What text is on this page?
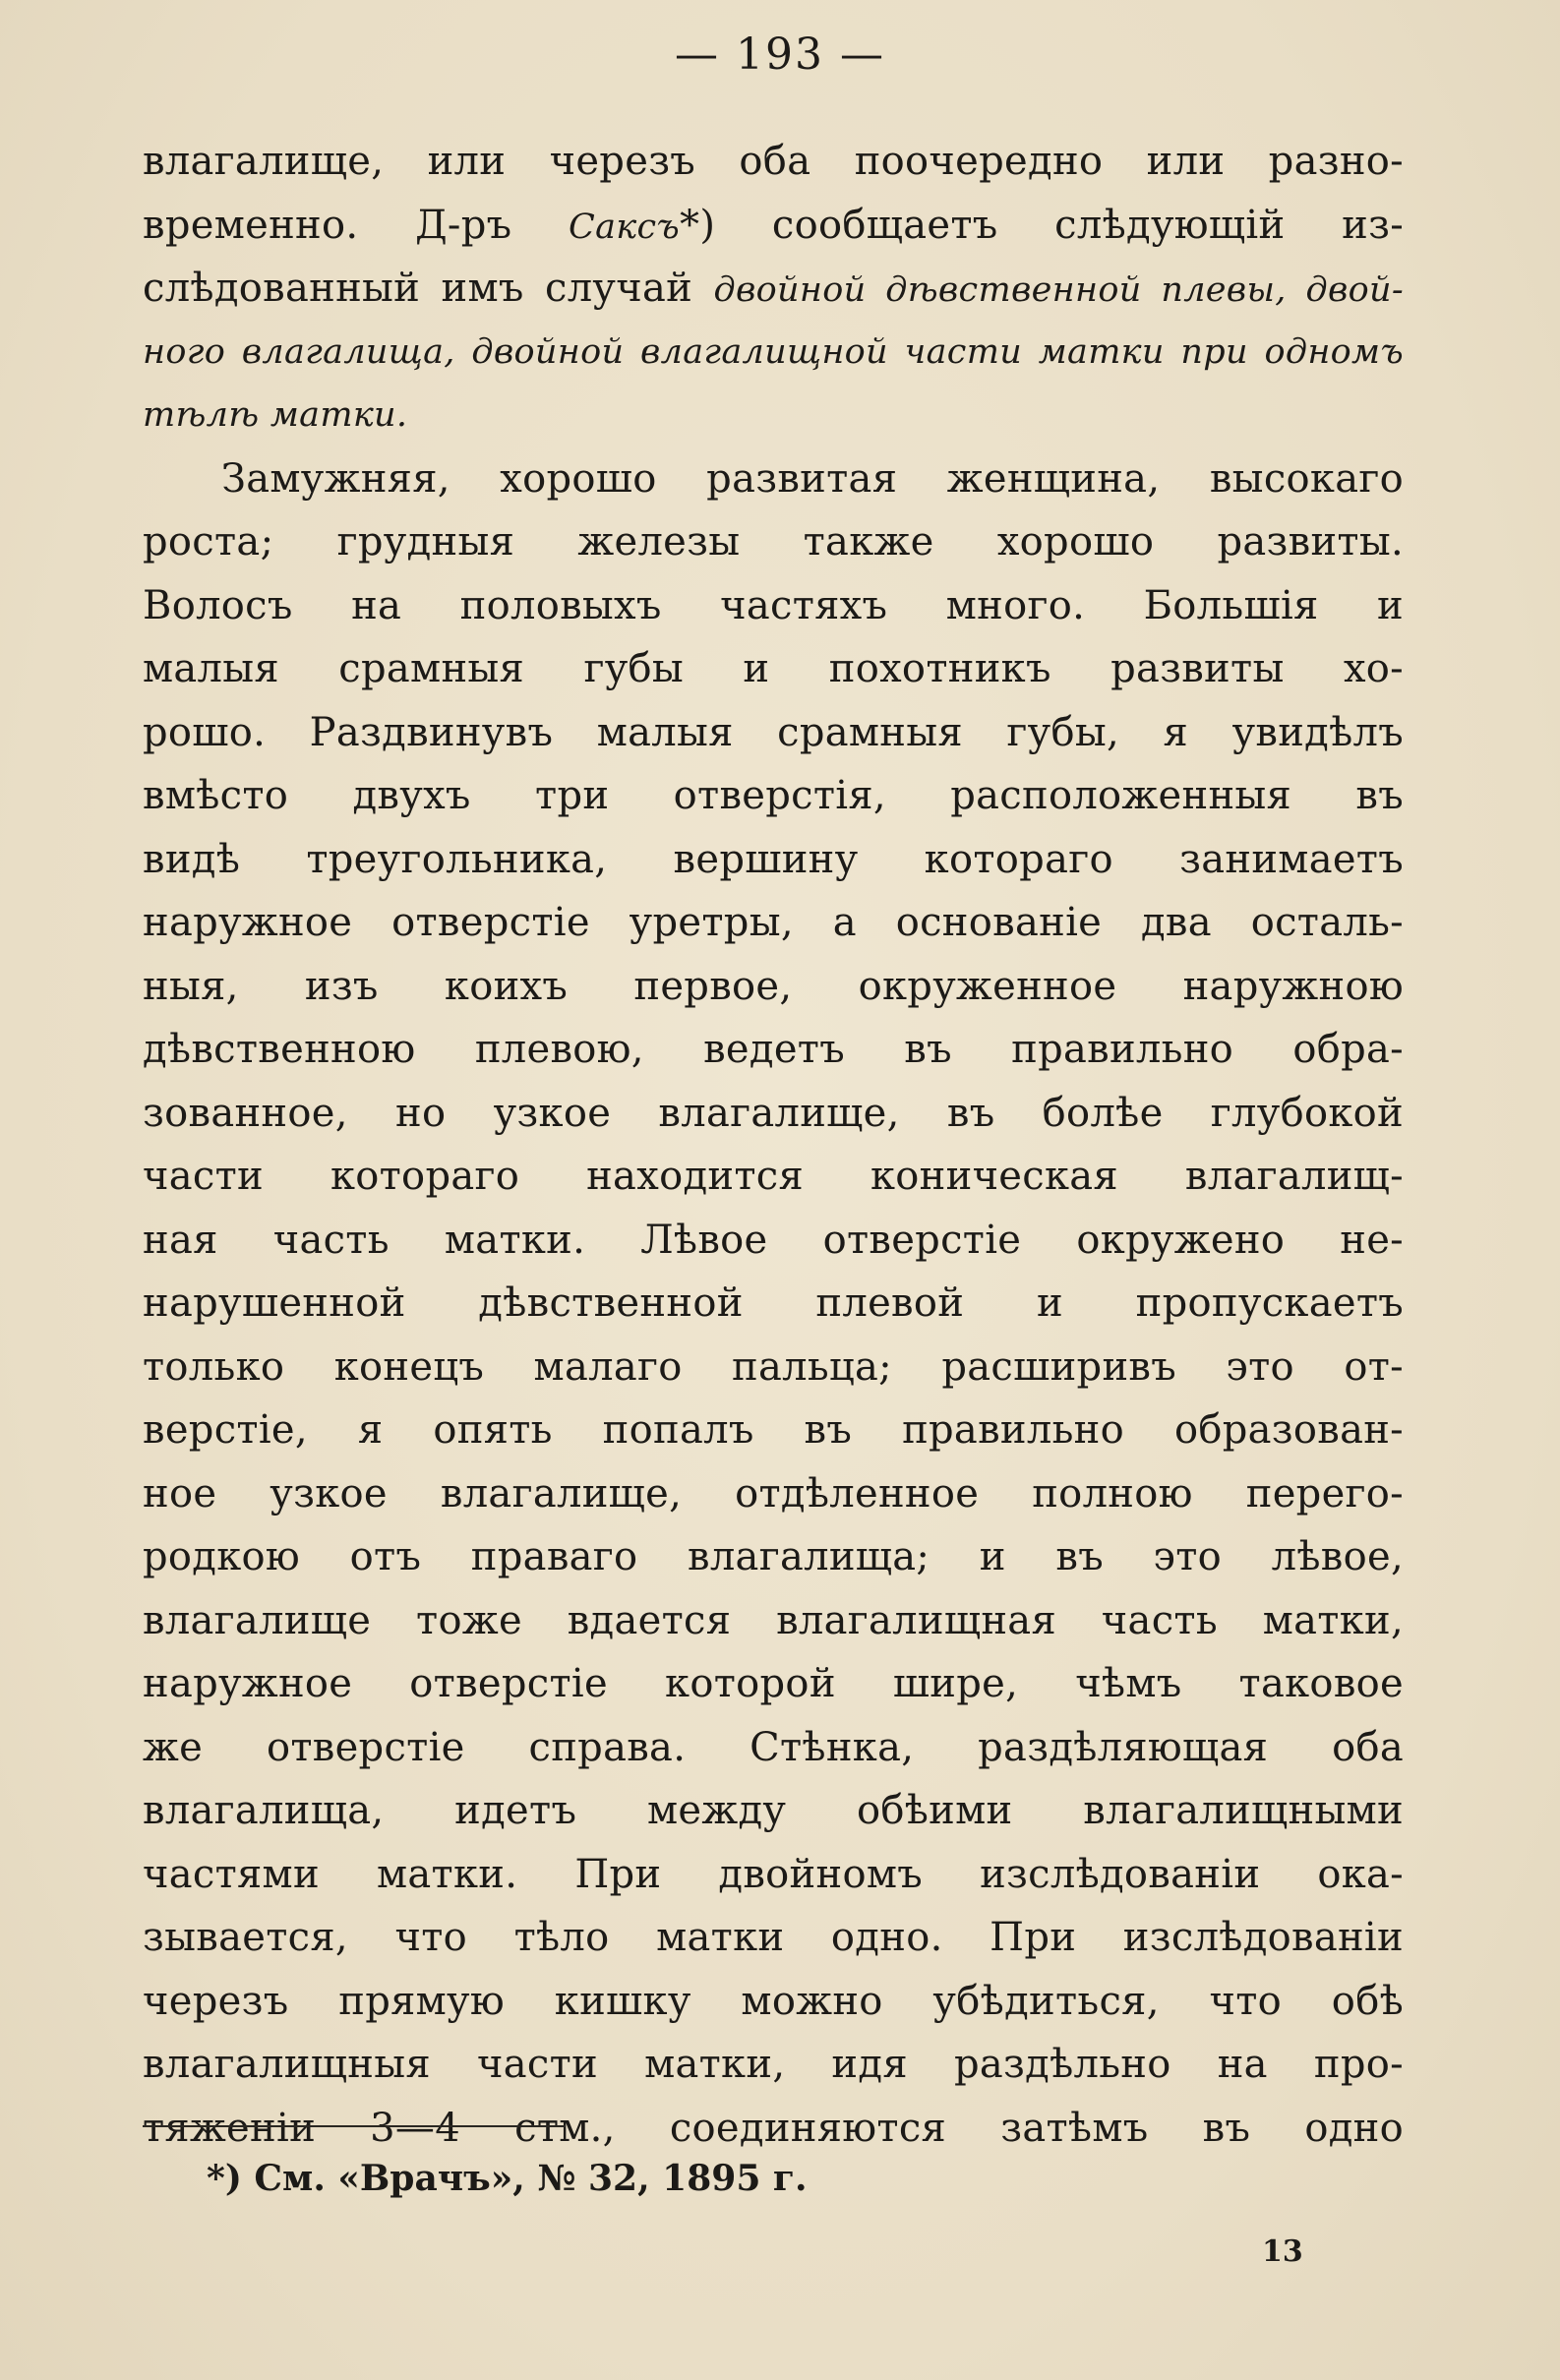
— 193 —
влагалище, или черезъ оба поочередно или разно-
временно. Д-ръ Саксъ*) сообщаетъ слѣдующій из-
слѣдованный имъ случай двойной дѣвственной плевы, двой-
ного влагалища, двойной влагалищной части матки при одномъ
тѣлѣ матки.
Замужняя, хорошо развитая женщина, высокаго
роста; грудныя железы также хорошо развиты.
Волосъ на половыхъ частяхъ много. Большія и
малыя срамныя губы и похотникъ развиты хо-
рошо. Раздвинувъ малыя срамныя губы, я увидѣлъ
вмѣсто двухъ три отверстія, расположенныя въ
видѣ треугольника, вершину котораго занимаетъ
наружное отверстіе уретры, а основаніе два осталь-
ныя, изъ коихъ первое, окруженное наружною
дѣвственною плевою, ведетъ въ правильно обра-
зованное, но узкое влагалище, въ болѣе глубокой
части котораго находится коническая влагалищ-
ная часть матки. Лѣвое отверстіе окружено не-
нарушенной дѣвственной плевой и пропускаетъ
только конецъ малаго пальца; расширивъ это от-
верстіе, я опять попалъ въ правильно образован-
ное узкое влагалище, отдѣленное полною перего-
родкою отъ праваго влагалища; и въ это лѣвое,
влагалище тоже вдается влагалищная часть матки,
наружное отверстіе которой шире, чѣмъ таковое
же отверстіе справа. Стѣнка, раздѣляющая оба
влагалища, идетъ между обѣими влагалищными
частями матки. При двойномъ изслѣдованіи ока-
зывается, что тѣло матки одно. При изслѣдованіи
черезъ прямую кишку можно убѣдиться, что обѣ
влагалищныя части матки, идя раздѣльно на про-
тяженіи 3—4 стм., соединяются затѣмъ въ одно
*) См. «Врачъ», № 32, 1895 г.
13
